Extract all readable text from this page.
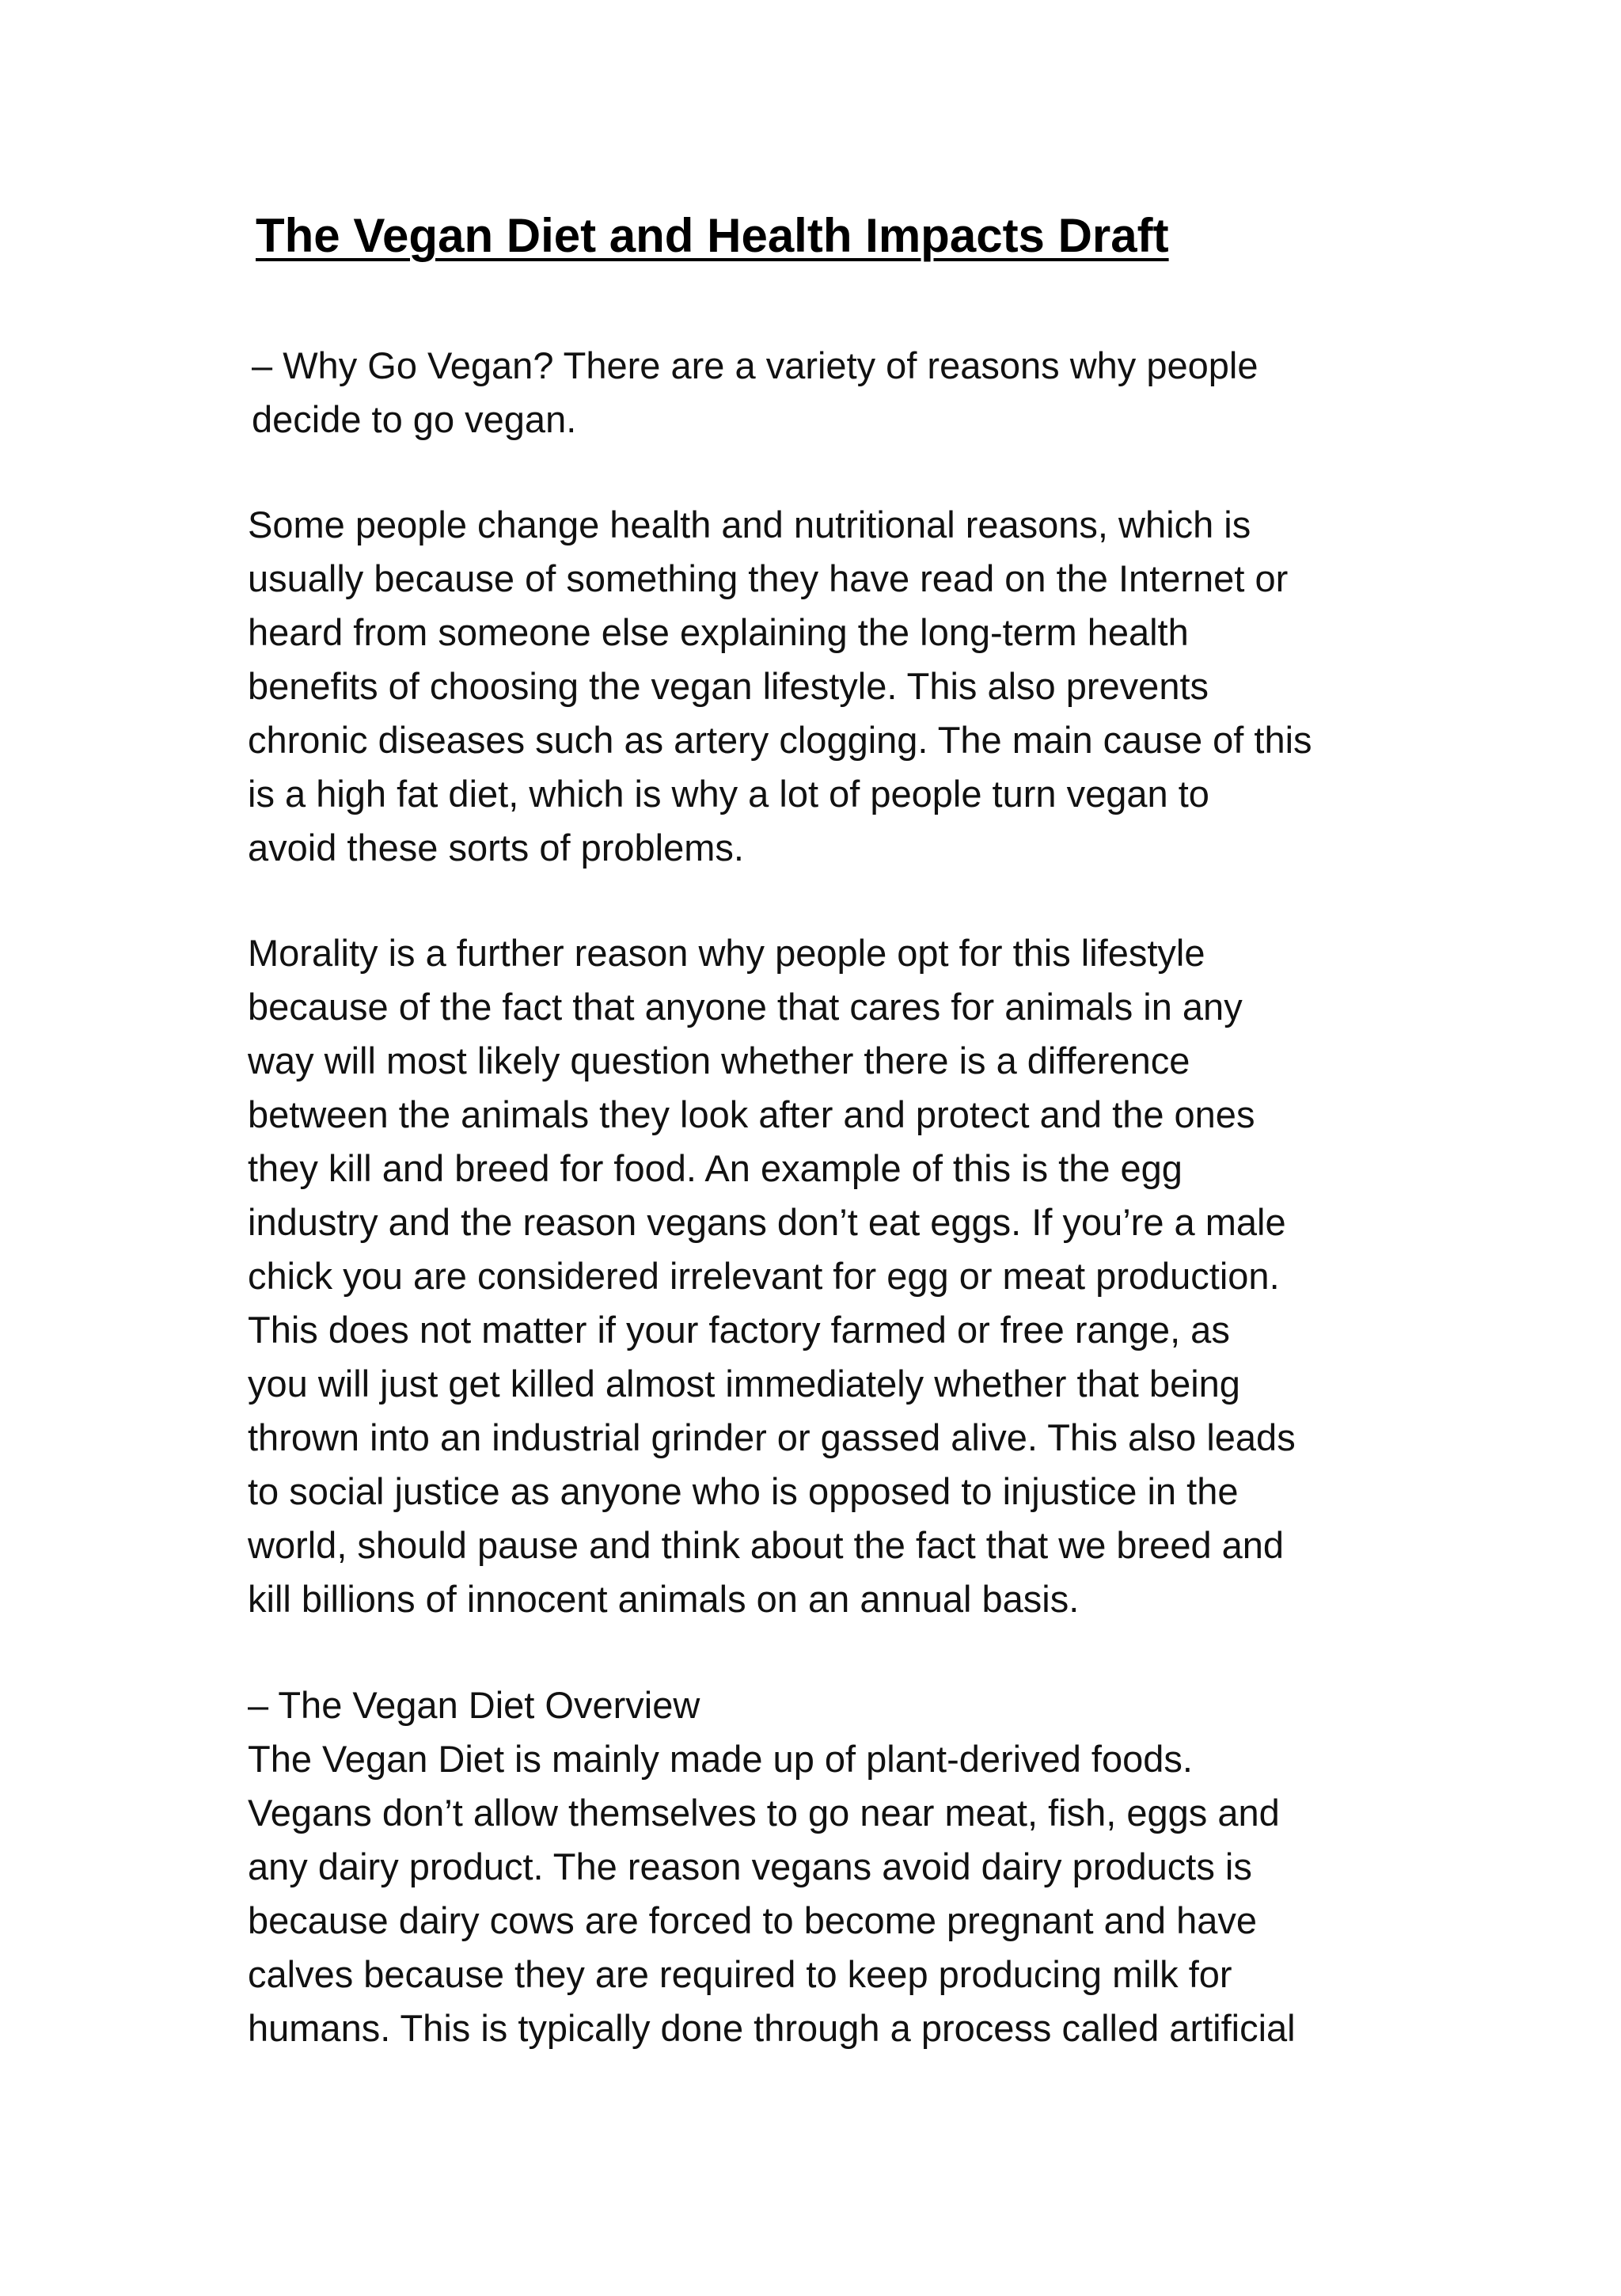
The Vegan Diet and Health Impacts Draft
– Why Go Vegan? There are a variety of reasons why people
decide to go vegan.
Some people change health and nutritional reasons, which is
usually because of something they have read on the Internet or
heard from someone else explaining the long-term health
benefits of choosing the vegan lifestyle. This also prevents
chronic diseases such as artery clogging. The main cause of this
is a high fat diet, which is why a lot of people turn vegan to
avoid these sorts of problems.
Morality is a further reason why people opt for this lifestyle
because of the fact that anyone that cares for animals in any
way will most likely question whether there is a difference
between the animals they look after and protect and the ones
they kill and breed for food. An example of this is the egg
industry and the reason vegans don’t eat eggs. If you’re a male
chick you are considered irrelevant for egg or meat production.
This does not matter if your factory farmed or free range, as
you will just get killed almost immediately whether that being
thrown into an industrial grinder or gassed alive. This also leads
to social justice as anyone who is opposed to injustice in the
world, should pause and think about the fact that we breed and
kill billions of innocent animals on an annual basis.
– The Vegan Diet Overview
The Vegan Diet is mainly made up of plant-derived foods.
Vegans don’t allow themselves to go near meat, fish, eggs and
any dairy product. The reason vegans avoid dairy products is
because dairy cows are forced to become pregnant and have
calves because they are required to keep producing milk for
humans. This is typically done through a process called artificial
